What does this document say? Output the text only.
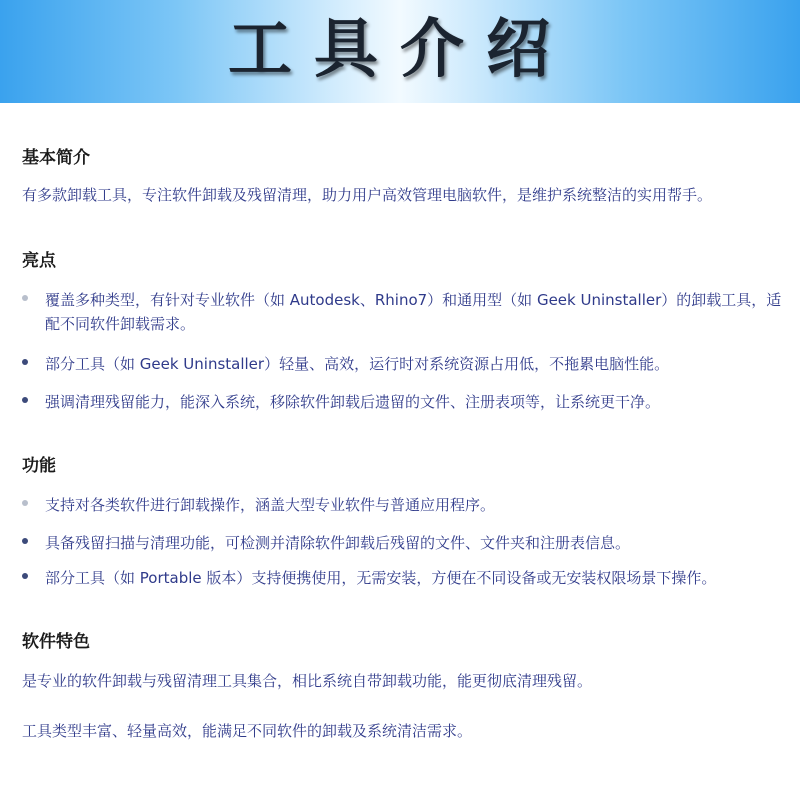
工具介绍
基本简介
有多款卸载工具，专注软件卸载及残留清理，助力用户高效管理电脑软件，是维护系统整洁的实用帮手。
亮点
覆盖多种类型，有针对专业软件（如 Autodesk、Rhino7）和通用型（如 Geek Uninstaller）的卸载工具，适配不同软件卸载需求。
部分工具（如 Geek Uninstaller）轻量、高效，运行时对系统资源占用低，不拖累电脑性能。
强调清理残留能力，能深入系统，移除软件卸载后遗留的文件、注册表项等，让系统更干净。
功能
支持对各类软件进行卸载操作，涵盖大型专业软件与普通应用程序。
具备残留扫描与清理功能，可检测并清除软件卸载后残留的文件、文件夹和注册表信息。
部分工具（如 Portable 版本）支持便携使用，无需安装，方便在不同设备或无安装权限场景下操作。
软件特色
是专业的软件卸载与残留清理工具集合，相比系统自带卸载功能，能更彻底清理残留。
工具类型丰富、轻量高效，能满足不同软件的卸载及系统清洁需求。
